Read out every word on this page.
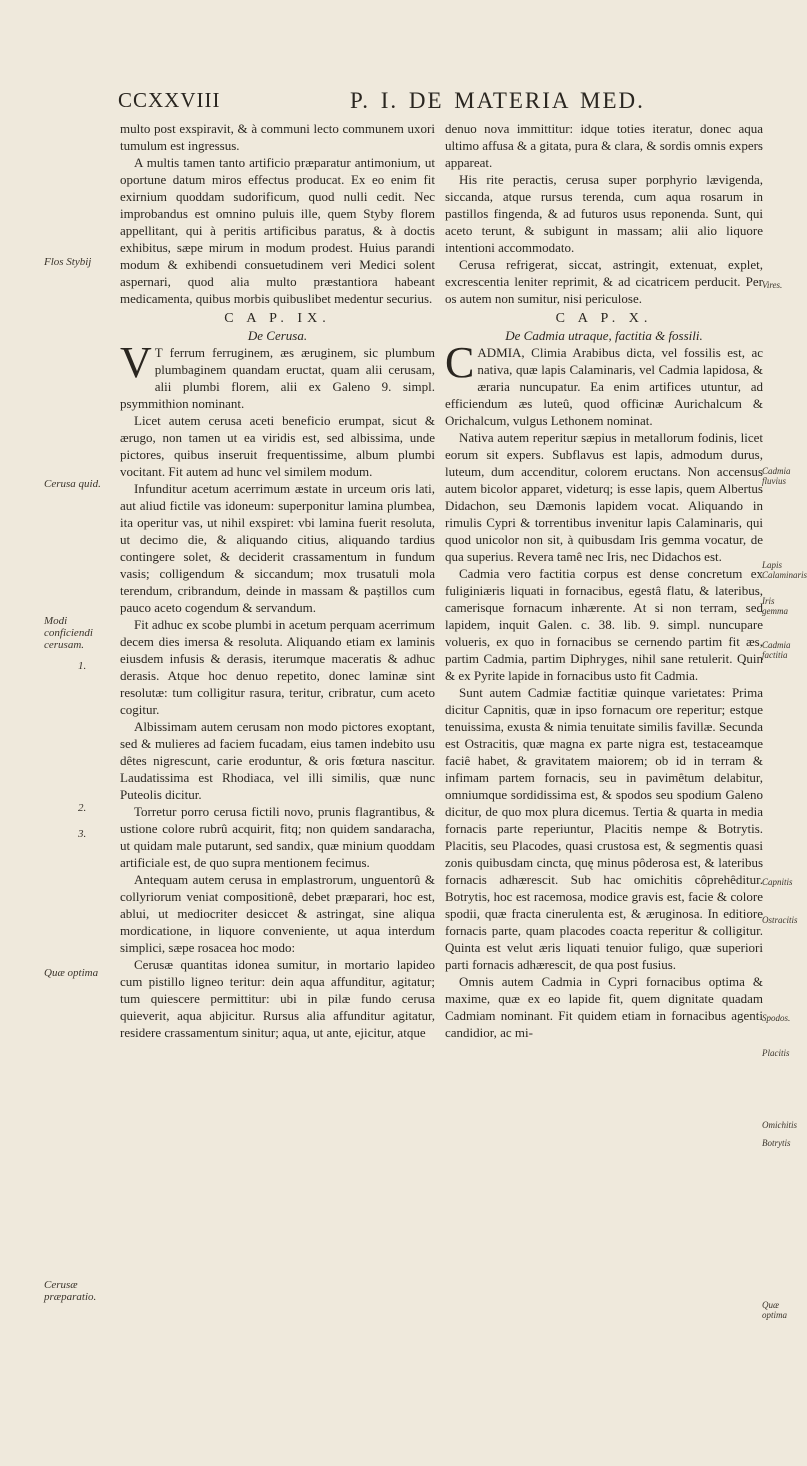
CCXXVIII	P. I. DE MATERIA MED.
Flos Stybij
Cerusa quid.
Modi conficiendi cerusam.
1.
2.
3.
Quæ optima
Cerusæ præparatio.

multo post exspiravit, & à communi lecto communem uxori tumulum est ingressus.

A multis tamen tanto artificio præparatur antimonium, ut oportune datum miros effectus producat. Ex eo enim fit exirnium quoddam sudorificum, quod nulli cedit. Nec improbandus est omnino puluis ille, quem Styby florem appellitant, qui à peritis artificibus paratus, & à doctis exhibitus, sæpe mirum in modum prodest. Huius parandi modum & exhibendi consuetudinem veri Medici solent aspernari, quod alia multo præstantiora habeant medicamenta, quibus morbis quibuslibet medentur securius.

C A P. IX.

De Cerusa.

V T ferrum ferruginem, æs æruginem, sic plumbum plumbaginem quandam eructat, quam alii cerusam, alii plumbi florem, alii ex Galeno 9. simpl. psymmithion nominant.

Licet autem cerusa aceti beneficio erumpat, sicut & ærugo, non tamen ut ea viridis est, sed albissima, unde pictores, quibus inseruit frequentissime, album plumbi vocitant. Fit autem ad hunc vel similem modum.

Infunditur acetum acerrimum æstate in urceum oris lati, aut aliud fictile vas idoneum: superponitur lamina plumbea, ita operitur vas, ut nihil exspiret: vbi lamina fuerit resoluta, ut decimo die, & aliquando citius, aliquando tardius contingere solet, & deciderit crassamentum in fundum vasis; colligendum & siccandum; mox trusatuli mola terendum, cribrandum, deinde in massam & paștillos cum pauco aceto cogendum & servandum.

Fit adhuc ex scobe plumbi in acetum perquam acerrimum decem dies imersa & resoluta. Aliquando etiam ex laminis eiusdem infusis & derasis, iterumque maceratis & adhuc derasis. Atque hoc denuo repetito, donec laminæ sint resolutæ: tum colligitur rasura, teritur, cribratur, cum aceto cogitur.

Albissimam autem cerusam non modo pictores exoptant, sed & mulieres ad faciem fucadam, eius tamen indebito usu dêtes nigrescunt, carie eroduntur, & oris fœtura nascitur. Laudatissima est Rhodiaca, vel illi similis, quæ nunc Puteolis dicitur.

Torretur porro cerusa fictili novo, prunis flagrantibus, & ustione colore rubrû acquirit, fitq; non quidem sandaracha, ut quidam male putarunt, sed sandix, quæ minium quoddam artificiale est, de quo supra mentionem fecimus.

Antequam autem cerusa in emplastrorum, unguentorû & collyriorum veniat compositionê, debet præparari, hoc est, ablui, ut mediocriter desiccet & astringat, sine aliqua mordicatione, in liquore conveniente, ut aqua interdum simplici, sæpe rosacea hoc modo:

Cerusæ quantitas idonea sumitur, in mortario lapideo cum pistillo ligneo teritur: dein aqua affunditur, agitatur; tum quiescere permittitur: ubi in pilæ fundo cerusa quieverit, aqua abjicitur. Rursus alia affunditur agitatur, residere crassamentum sinitur; aqua, ut ante, ejicitur, atque

denuo nova immittitur: idque toties iteratur, donec aqua ultimo affusa & a gitata, pura & clara, & sordis omnis expers appareat.

His rite peractis, cerusa super porphyrio lævigenda, siccanda, atque rursus terenda, cum aqua rosarum in pastillos fingenda, & ad futuros usus reponenda. Sunt, qui aceto terunt, & subigunt in massam; alii alio liquore intentioni accommodato.

Cerusa refrigerat, siccat, astringit, extenuat, explet, excrescentia leniter reprimit, & ad cicatricem perducit. Per os autem non sumitur, nisi periculose.

C A P. X.

De Cadmia utraque, factitia & fossili.

CADMIA, Climia Arabibus dicta, vel fossilis est, ac nativa, quæ lapis Calaminaris, vel Cadmia lapidosa, & æraria nuncupatur. Ea enim artifices utuntur, ad efficiendum æs luteû, quod officinæ Aurichalcum & Orichalcum, vulgus Lethonem nominat.

Nativa autem reperitur sæpius in metallorum fodinis, licet eorum sit expers. Subflavus est lapis, admodum durus, luteum, dum accenditur, colorem eructans. Non accensus autem bicolor apparet, videturq; is esse lapis, quem Albertus Didachon, seu Dæmonis lapidem vocat. Aliquando in rimulis Cypri & torrentibus invenitur lapis Calaminaris, qui quod unicolor non sit, à quibusdam Iris gemma vocatur, de qua superius. Revera tamê nec Iris, nec Didachos est.

Cadmia vero factitia corpus est dense concretum ex fuliginiæris liquati in fornacibus, egestâ flatu, & lateribus, camerisque fornacum inhærente. At si non terram, sed lapidem, inquit Galen. c. 38. lib. 9. simpl. nuncupare volueris, ex quo in fornacibus se cernendo partim fit æs, partim Cadmia, partim Diphryges, nihil sane retulerit. Quin & ex Pyrite lapide in fornacibus usto fit Cadmia.

Sunt autem Cadmiæ factitiæ quinque varietates: Prima dicitur Capnitis, quæ in ipso fornacum ore reperitur; estque tenuissima, exusta & nimia tenuitate similis favillæ. Secunda est Ostracitis, quæ magna ex parte nigra est, testaceamque faciê habet, & gravitatem maiorem; ob id in terram & infimam partem fornacis, seu in pavimêtum delabitur, omniumque sordidissima est, & spodos seu spodium Galeno dicitur, de quo mox plura dicemus. Tertia & quarta in media fornacis parte reperiuntur, Placitis nempe & Botrytis. Placitis, seu Placodes, quasi crustosa est, & segmentis quasi zonis quibusdam cincta, quę minus pôderosa est, & lateribus fornacis adhærescit. Sub hac omichitis côprehêditur. Botrytis, hoc est racemosa, modice gravis est, facie & colore spodii, quæ fracta cinerulenta est, & æruginosa. In editiore fornacis parte, quam placodes coacta reperitur & colligitur. Quinta est velut æris liquati tenuior fuligo, quæ superiori parti fornacis adhærescit, de qua post fusius.

Omnis autem Cadmia in Cypri fornacibus optima & maxime, quæ ex eo lapide fit, quem dignitate quadam Cadmiam nominant. Fit quidem etiam in fornacibus agenti candidior, ac mi-

Vires.
Cadmia fluvius
Lapis Calaminaris
Iris gemma
Cadmia factitia
Capnitis
Ostracitis
Spodos.
Placitis
Omichitis
Botrytis
Quæ optima
